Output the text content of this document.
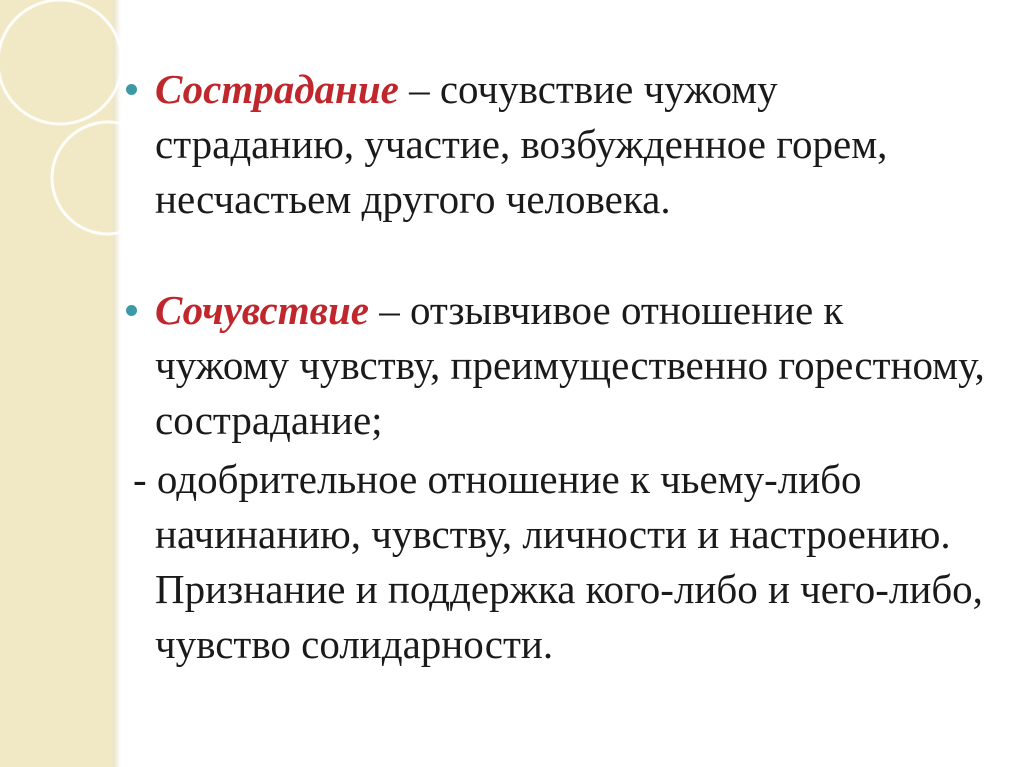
Сострадание – сочувствие чужому страданию, участие, возбужденное горем, несчастьем другого человека.

Сочувствие – отзывчивое отношение к чужому чувству, преимущественно горестному, сострадание;

- одобрительное отношение к чьему-либо начинанию, чувству, личности и настроению. Признание и поддержка кого-либо и чего-либо, чувство солидарности.
